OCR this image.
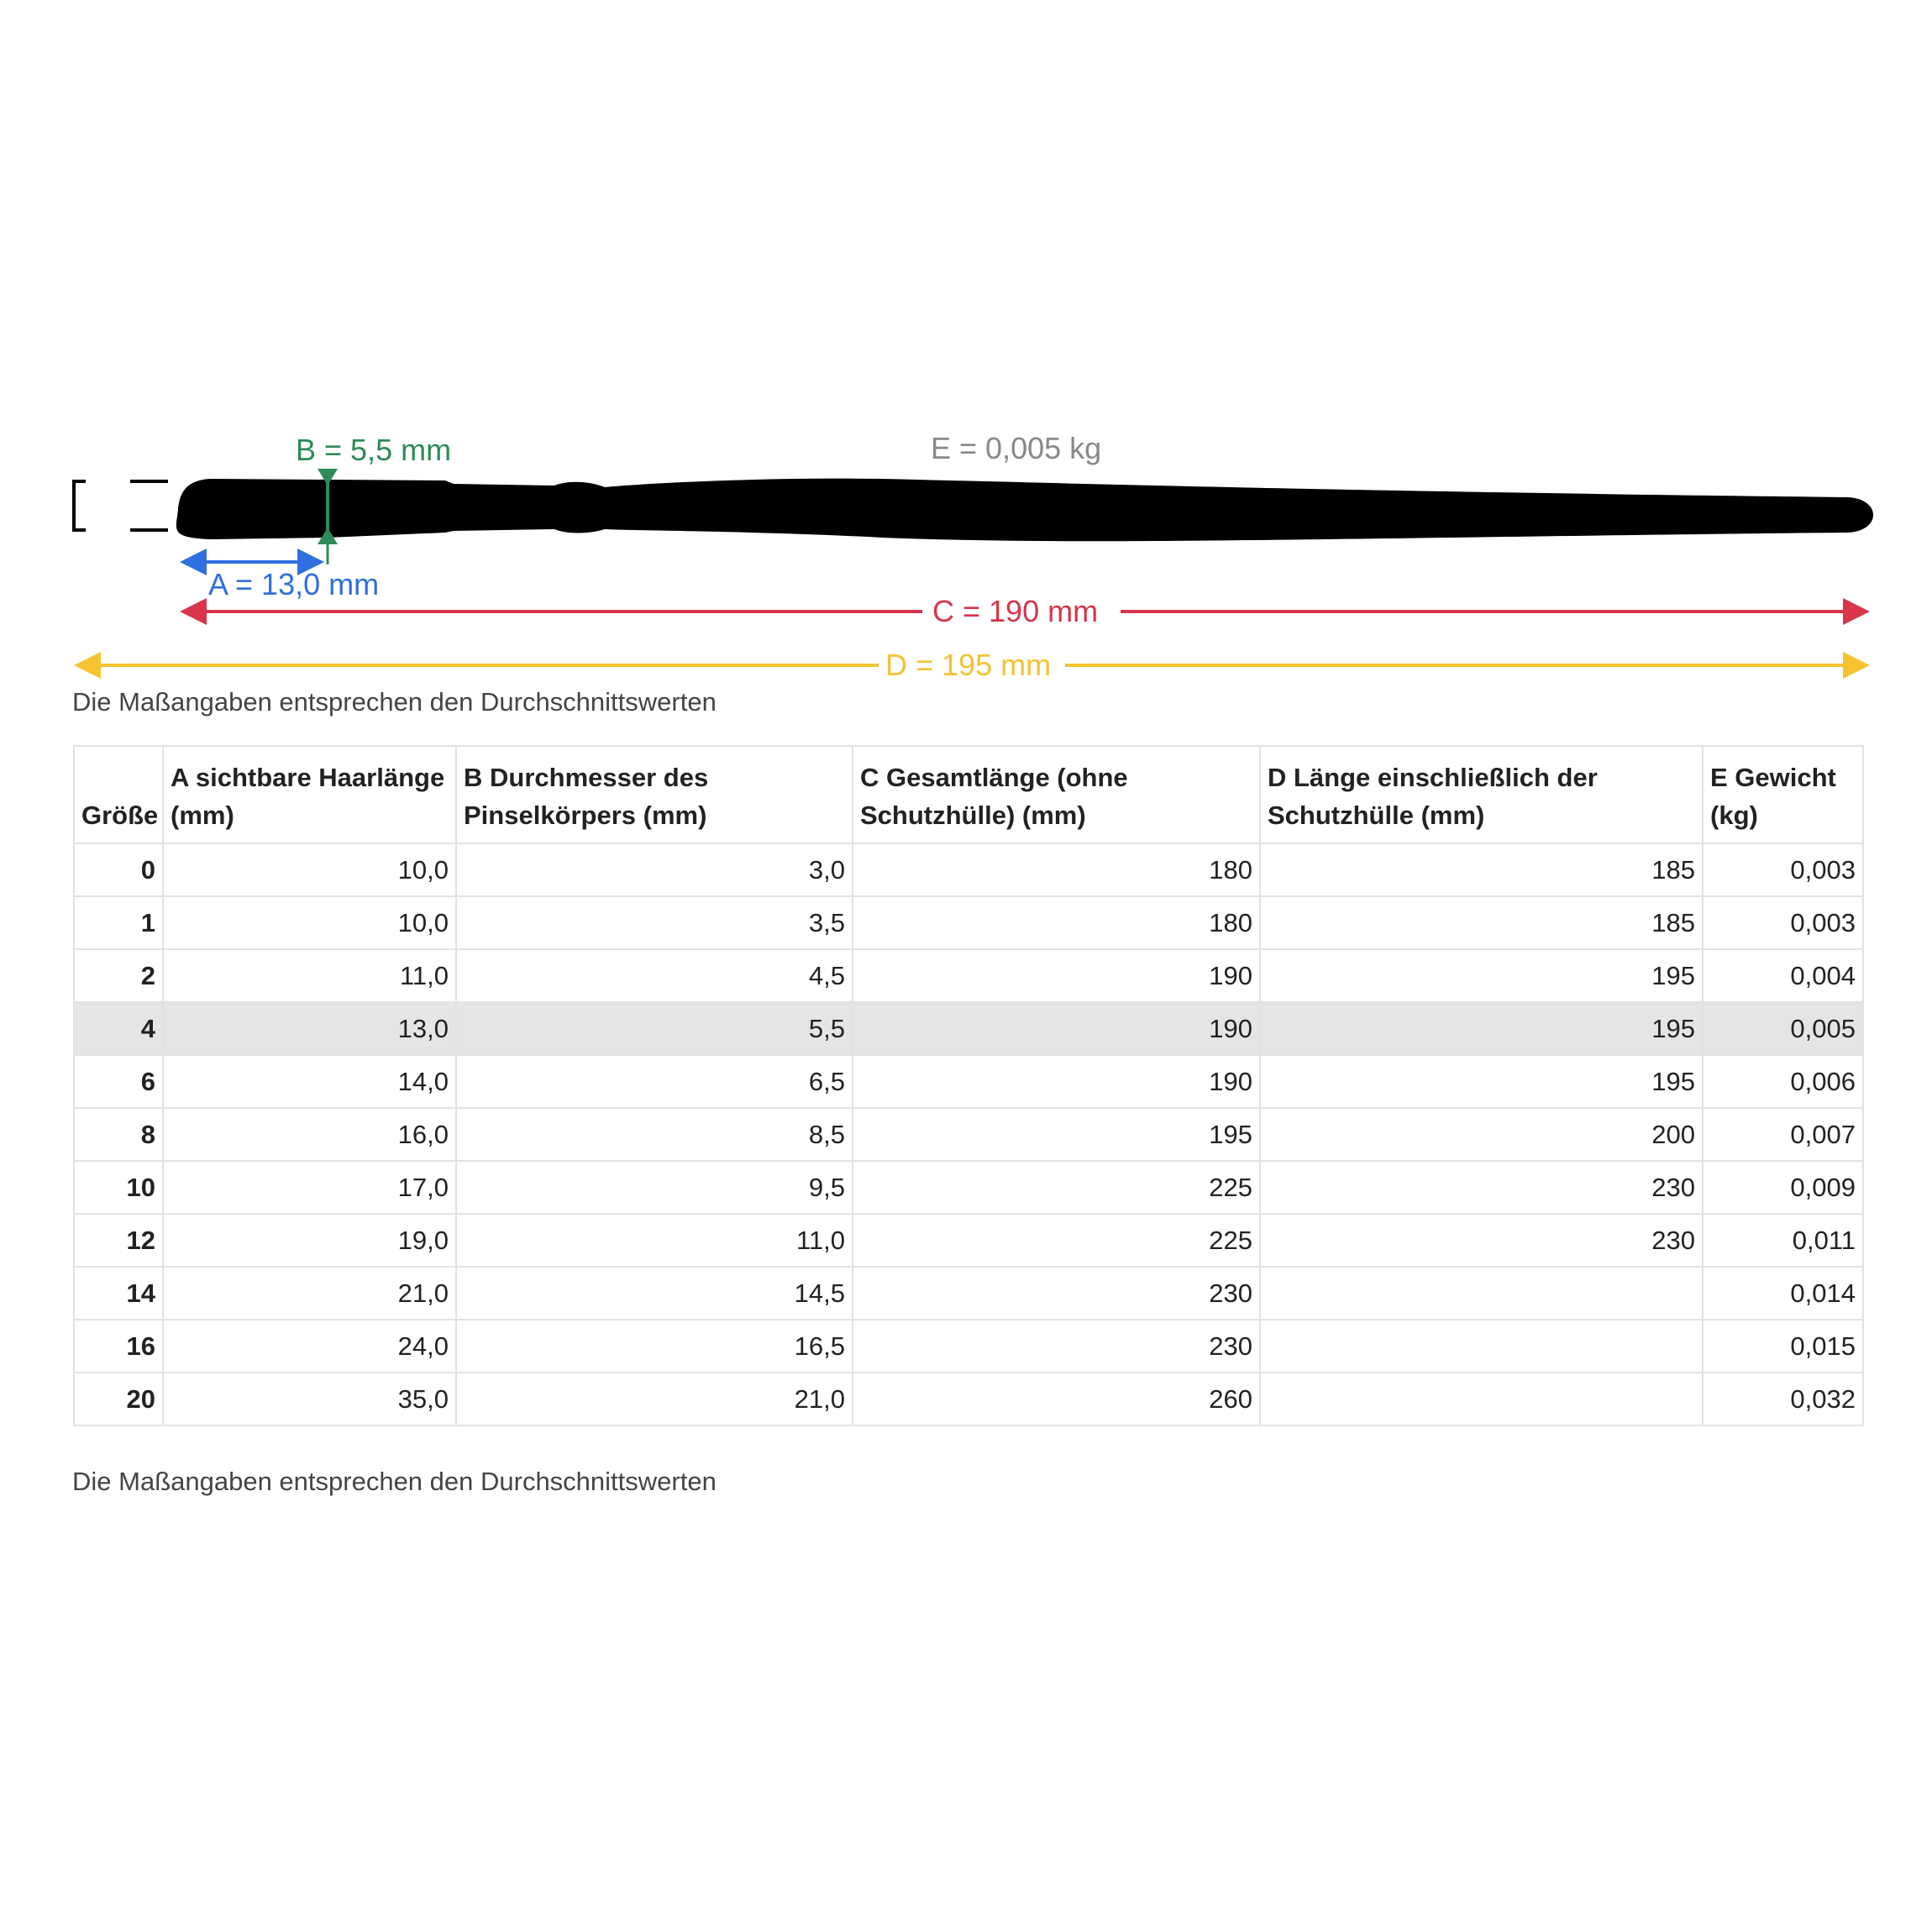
B = 5,5 mm	E = 0,005 kg
A = 13,0 mm
C = 190 mm
D = 195 mm
Die Maßangaben entsprechen den Durchschnittswerten
Größe	A sichtbare Haarlänge (mm)	B Durchmesser des Pinselkörpers (mm)	C Gesamtlänge (ohne Schutzhülle) (mm)	D Länge einschließlich der Schutzhülle (mm)	E Gewicht (kg)
0	10,0	3,0	180	185	0,003
1	10,0	3,5	180	185	0,003
2	11,0	4,5	190	195	0,004
4	13,0	5,5	190	195	0,005
6	14,0	6,5	190	195	0,006
8	16,0	8,5	195	200	0,007
10	17,0	9,5	225	230	0,009
12	19,0	11,0	225	230	0,011
14	21,0	14,5	230		0,014
16	24,0	16,5	230		0,015
20	35,0	21,0	260		0,032
Die Maßangaben entsprechen den Durchschnittswerten
